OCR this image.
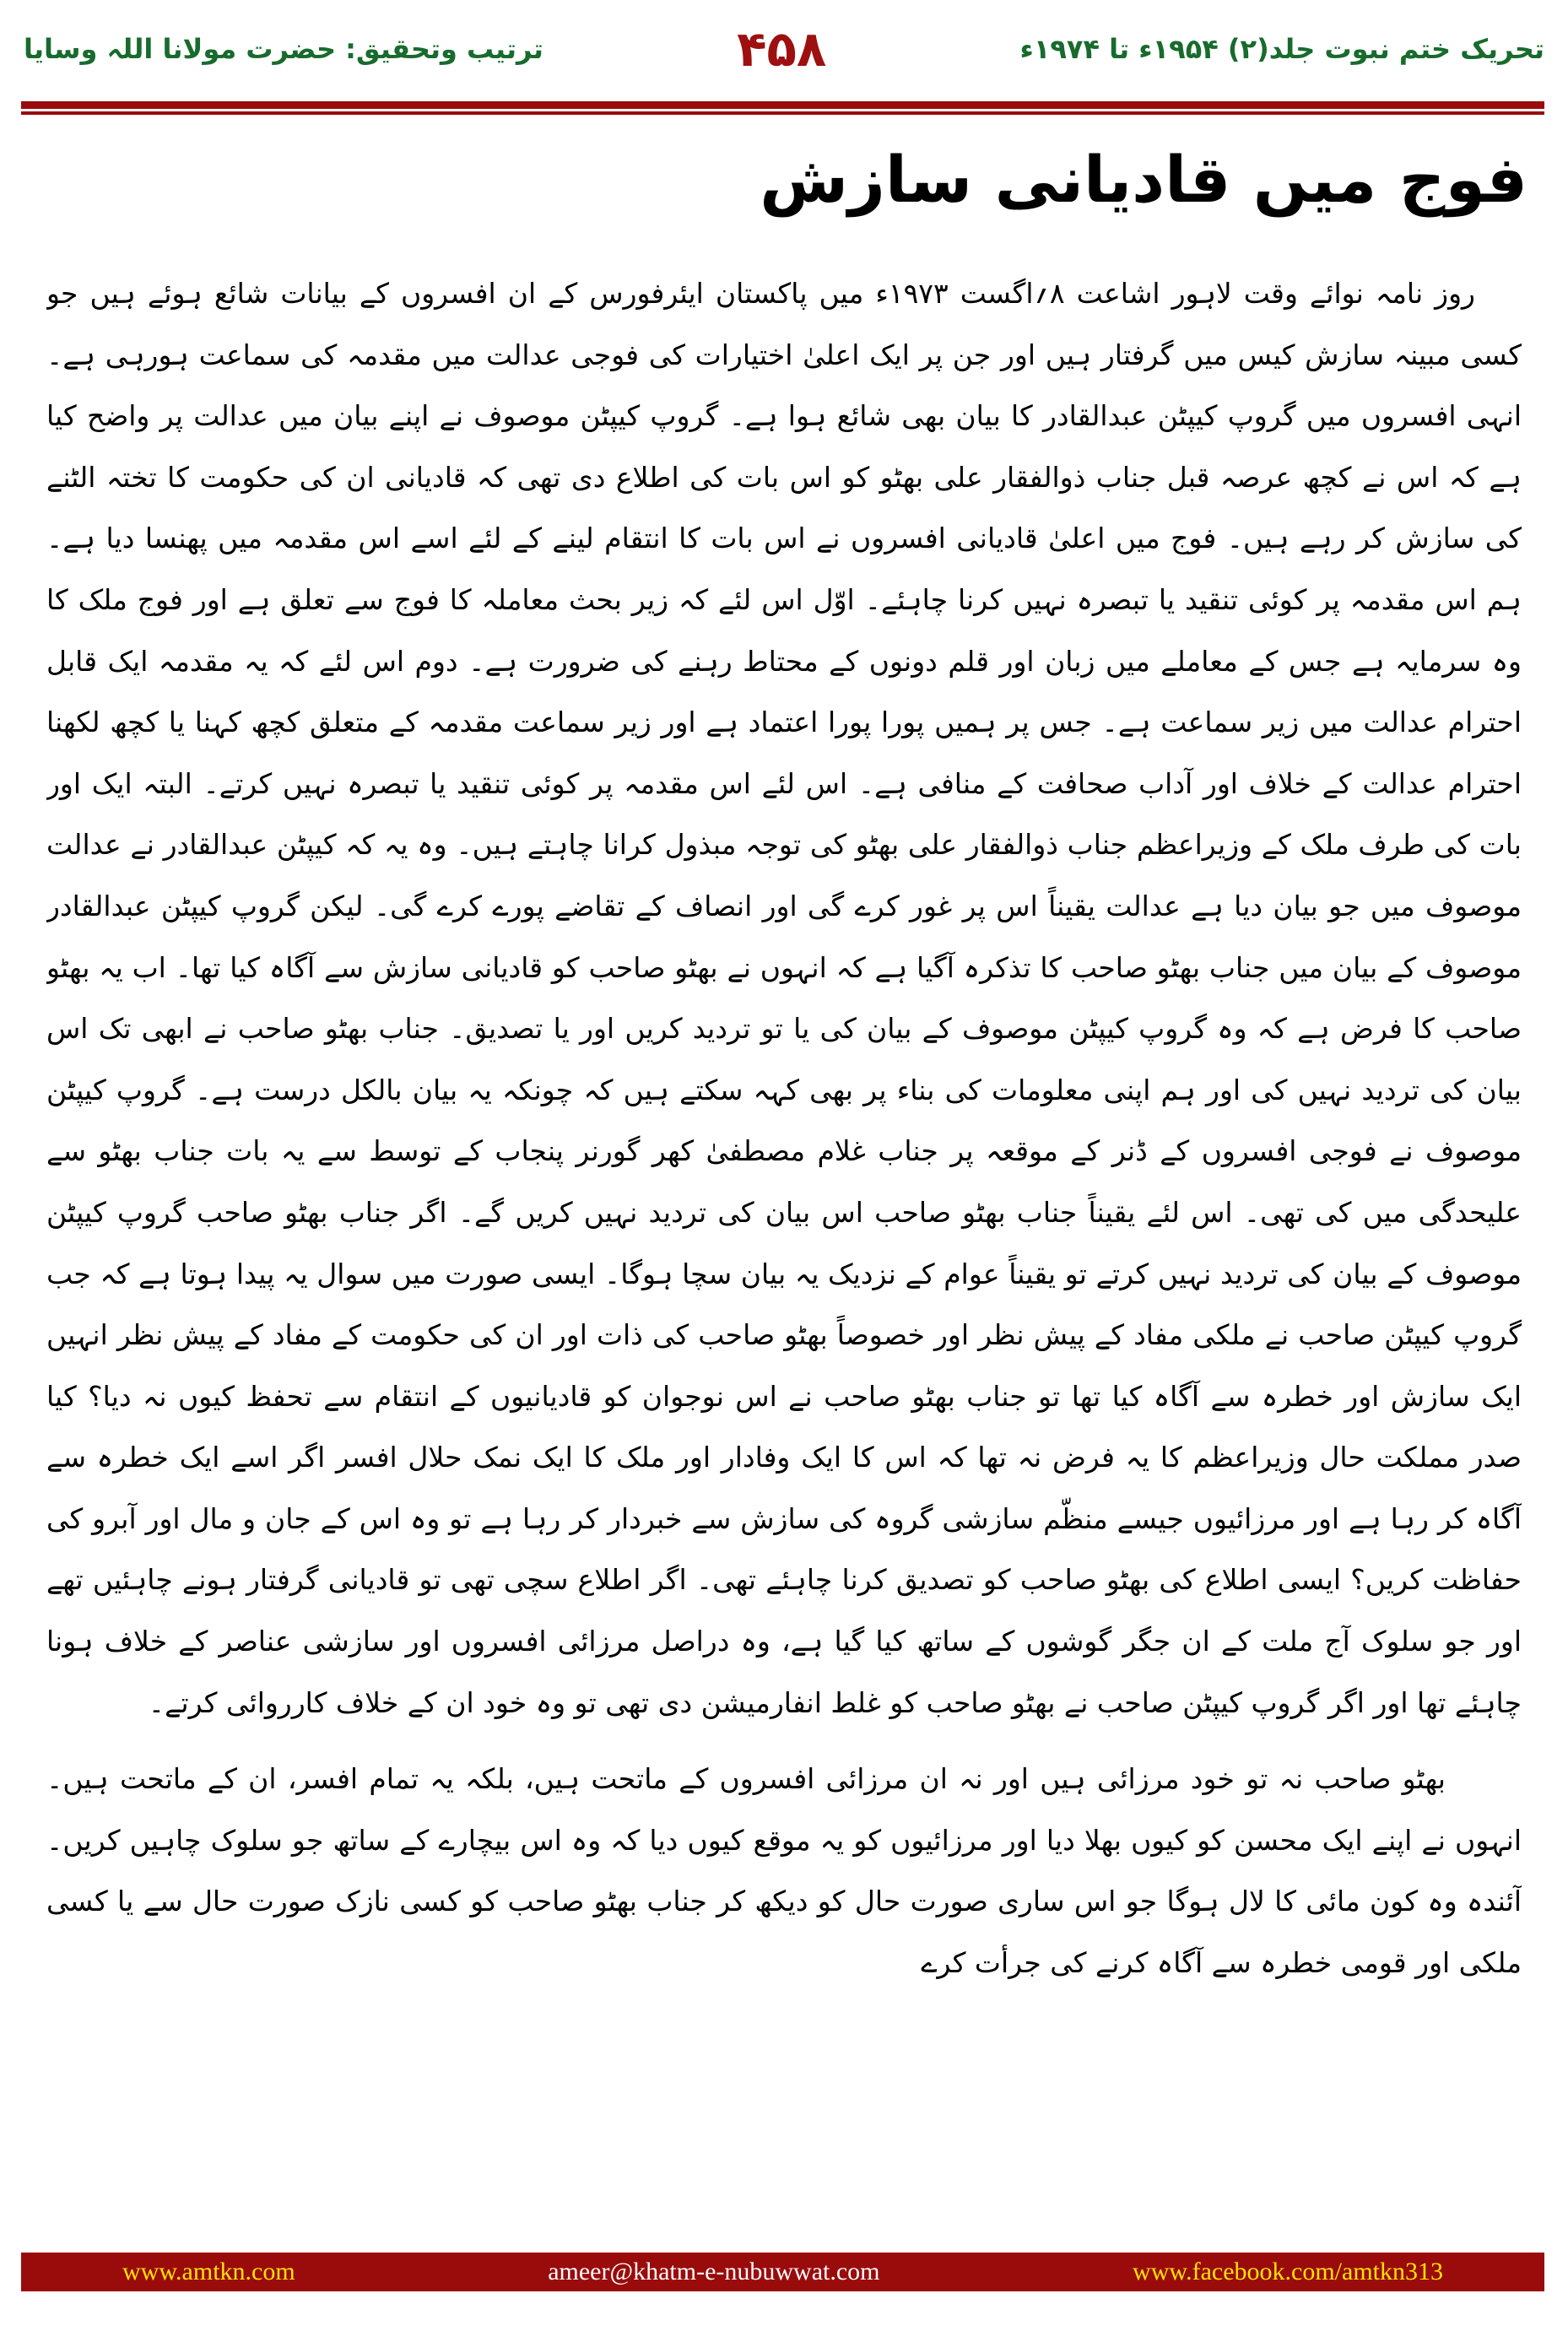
ترتیب وتحقیق: حضرت مولانا اللہ وسایا	۴۵۸	تحریک ختم نبوت جلد(۲) ۱۹۵۴ء تا ۱۹۷۴ء
فوج میں قادیانی سازش

روز نامہ نوائے وقت لاہور اشاعت ۸؍اگست ۱۹۷۳ء میں پاکستان ایئرفورس کے ان افسروں کے بیانات شائع ہوئے ہیں جو کسی مبینہ سازش کیس میں گرفتار ہیں اور جن پر ایک اعلیٰ اختیارات کی فوجی عدالت میں مقدمہ کی سماعت ہورہی ہے۔ انہی افسروں میں گروپ کیپٹن عبدالقادر کا بیان بھی شائع ہوا ہے۔ گروپ کیپٹن موصوف نے اپنے بیان میں عدالت پر واضح کیا ہے کہ اس نے کچھ عرصہ قبل جناب ذوالفقار علی بھٹو کو اس بات کی اطلاع دی تھی کہ قادیانی ان کی حکومت کا تختہ الٹنے کی سازش کر رہے ہیں۔ فوج میں اعلیٰ قادیانی افسروں نے اس بات کا انتقام لینے کے لئے اسے اس مقدمہ میں پھنسا دیا ہے۔ ہم اس مقدمہ پر کوئی تنقید یا تبصرہ نہیں کرنا چاہئے۔ اوّل اس لئے کہ زیر بحث معاملہ کا فوج سے تعلق ہے اور فوج ملک کا وہ سرمایہ ہے جس کے معاملے میں زبان اور قلم دونوں کے محتاط رہنے کی ضرورت ہے۔ دوم اس لئے کہ یہ مقدمہ ایک قابل احترام عدالت میں زیر سماعت ہے۔ جس پر ہمیں پورا پورا اعتماد ہے اور زیر سماعت مقدمہ کے متعلق کچھ کہنا یا کچھ لکھنا احترام عدالت کے خلاف اور آداب صحافت کے منافی ہے۔ اس لئے اس مقدمہ پر کوئی تنقید یا تبصرہ نہیں کرتے۔ البتہ ایک اور بات کی طرف ملک کے وزیراعظم جناب ذوالفقار علی بھٹو کی توجہ مبذول کرانا چاہتے ہیں۔ وہ یہ کہ کیپٹن عبدالقادر نے عدالت موصوف میں جو بیان دیا ہے عدالت یقیناً اس پر غور کرے گی اور انصاف کے تقاضے پورے کرے گی۔ لیکن گروپ کیپٹن عبدالقادر موصوف کے بیان میں جناب بھٹو صاحب کا تذکرہ آگیا ہے کہ انہوں نے بھٹو صاحب کو قادیانی سازش سے آگاہ کیا تھا۔ اب یہ بھٹو صاحب کا فرض ہے کہ وہ گروپ کیپٹن موصوف کے بیان کی یا تو تردید کریں اور یا تصدیق۔ جناب بھٹو صاحب نے ابھی تک اس بیان کی تردید نہیں کی اور ہم اپنی معلومات کی بناء پر بھی کہہ سکتے ہیں کہ چونکہ یہ بیان بالکل درست ہے۔ گروپ کیپٹن موصوف نے فوجی افسروں کے ڈنر کے موقعہ پر جناب غلام مصطفیٰ کھر گورنر پنجاب کے توسط سے یہ بات جناب بھٹو سے علیحدگی میں کی تھی۔ اس لئے یقیناً جناب بھٹو صاحب اس بیان کی تردید نہیں کریں گے۔ اگر جناب بھٹو صاحب گروپ کیپٹن موصوف کے بیان کی تردید نہیں کرتے تو یقیناً عوام کے نزدیک یہ بیان سچا ہوگا۔ ایسی صورت میں سوال یہ پیدا ہوتا ہے کہ جب گروپ کیپٹن صاحب نے ملکی مفاد کے پیش نظر اور خصوصاً بھٹو صاحب کی ذات اور ان کی حکومت کے مفاد کے پیش نظر انہیں ایک سازش اور خطرہ سے آگاہ کیا تھا تو جناب بھٹو صاحب نے اس نوجوان کو قادیانیوں کے انتقام سے تحفظ کیوں نہ دیا؟ کیا صدر مملکت حال وزیراعظم کا یہ فرض نہ تھا کہ اس کا ایک وفادار اور ملک کا ایک نمک حلال افسر اگر اسے ایک خطرہ سے آگاہ کر رہا ہے اور مرزائیوں جیسے منظّم سازشی گروہ کی سازش سے خبردار کر رہا ہے تو وہ اس کے جان و مال اور آبرو کی حفاظت کریں؟ ایسی اطلاع کی بھٹو صاحب کو تصدیق کرنا چاہئے تھی۔ اگر اطلاع سچی تھی تو قادیانی گرفتار ہونے چاہئیں تھے اور جو سلوک آج ملت کے ان جگر گوشوں کے ساتھ کیا گیا ہے، وہ دراصل مرزائی افسروں اور سازشی عناصر کے خلاف ہونا چاہئے تھا اور اگر گروپ کیپٹن صاحب نے بھٹو صاحب کو غلط انفارمیشن دی تھی تو وہ خود ان کے خلاف کارروائی کرتے۔

بھٹو صاحب نہ تو خود مرزائی ہیں اور نہ ان مرزائی افسروں کے ماتحت ہیں، بلکہ یہ تمام افسر، ان کے ماتحت ہیں۔ انہوں نے اپنے ایک محسن کو کیوں بھلا دیا اور مرزائیوں کو یہ موقع کیوں دیا کہ وہ اس بیچارے کے ساتھ جو سلوک چاہیں کریں۔ آئندہ وہ کون مائی کا لال ہوگا جو اس ساری صورت حال کو دیکھ کر جناب بھٹو صاحب کو کسی نازک صورت حال سے یا کسی ملکی اور قومی خطرہ سے آگاہ کرنے کی جرأت کرے

www.amtkn.com	ameer@khatm-e-nubuwwat.com	www.facebook.com/amtkn313
